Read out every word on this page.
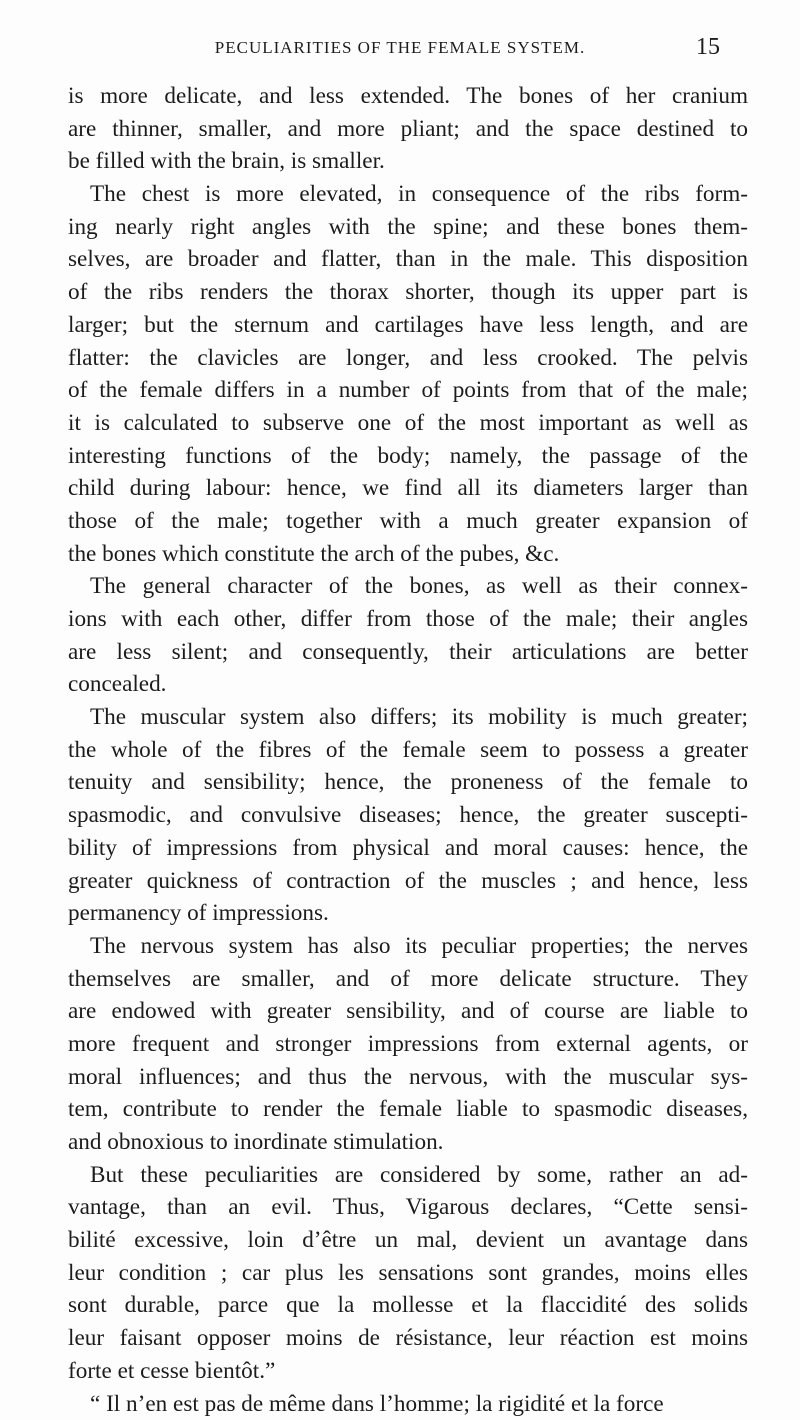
PECULIARITIES OF THE FEMALE SYSTEM.	15
is more delicate, and less extended. The bones of her cranium
are thinner, smaller, and more pliant; and the space destined to
be filled with the brain, is smaller.
The chest is more elevated, in consequence of the ribs form-
ing nearly right angles with the spine; and these bones them-
selves, are broader and flatter, than in the male. This disposition
of the ribs renders the thorax shorter, though its upper part is
larger; but the sternum and cartilages have less length, and are
flatter: the clavicles are longer, and less crooked. The pelvis
of the female differs in a number of points from that of the male;
it is calculated to subserve one of the most important as well as
interesting functions of the body; namely, the passage of the
child during labour: hence, we find all its diameters larger than
those of the male; together with a much greater expansion of
the bones which constitute the arch of the pubes, &c.
The general character of the bones, as well as their connex-
ions with each other, differ from those of the male; their angles
are less silent; and consequently, their articulations are better
concealed.
The muscular system also differs; its mobility is much greater;
the whole of the fibres of the female seem to possess a greater
tenuity and sensibility; hence, the proneness of the female to
spasmodic, and convulsive diseases; hence, the greater suscepti-
bility of impressions from physical and moral causes: hence, the
greater quickness of contraction of the muscles ; and hence, less
permanency of impressions.
The nervous system has also its peculiar properties; the nerves
themselves are smaller, and of more delicate structure. They
are endowed with greater sensibility, and of course are liable to
more frequent and stronger impressions from external agents, or
moral influences; and thus the nervous, with the muscular sys-
tem, contribute to render the female liable to spasmodic diseases,
and obnoxious to inordinate stimulation.
But these peculiarities are considered by some, rather an ad-
vantage, than an evil. Thus, Vigarous declares, “Cette sensi-
bilité excessive, loin d’être un mal, devient un avantage dans
leur condition ; car plus les sensations sont grandes, moins elles
sont durable, parce que la mollesse et la flaccidité des solids
leur faisant opposer moins de résistance, leur réaction est moins
forte et cesse bientôt.”
“ Il n’en est pas de même dans l’homme; la rigidité et la force
